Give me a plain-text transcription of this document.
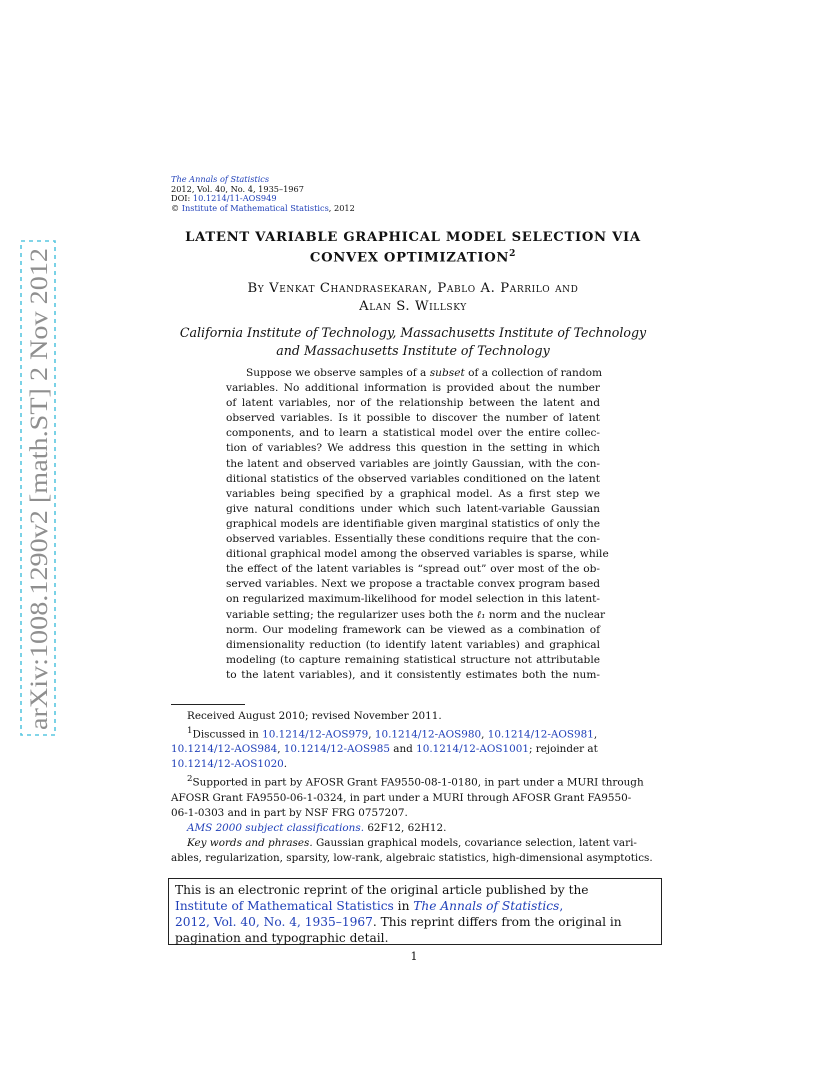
arXiv:1008.1290v2 [math.ST] 2 Nov 2012
The Annals of Statistics
2012, Vol. 40, No. 4, 1935–1967
DOI: 10.1214/11-AOS949
© Institute of Mathematical Statistics, 2012
LATENT VARIABLE GRAPHICAL MODEL SELECTION VIA
CONVEX OPTIMIZATION$^2$
By Venkat Chandrasekaran, Pablo A. Parrilo and
Alan S. Willsky
California Institute of Technology, Massachusetts Institute of Technology
and Massachusetts Institute of Technology
Suppose we observe samples of a subset of a collection of random
variables. No additional information is provided about the number
of latent variables, nor of the relationship between the latent and
observed variables. Is it possible to discover the number of latent
components, and to learn a statistical model over the entire collec-
tion of variables? We address this question in the setting in which
the latent and observed variables are jointly Gaussian, with the con-
ditional statistics of the observed variables conditioned on the latent
variables being specified by a graphical model. As a first step we
give natural conditions under which such latent-variable Gaussian
graphical models are identifiable given marginal statistics of only the
observed variables. Essentially these conditions require that the con-
ditional graphical model among the observed variables is sparse, while
the effect of the latent variables is “spread out” over most of the ob-
served variables. Next we propose a tractable convex program based
on regularized maximum-likelihood for model selection in this latent-
variable setting; the regularizer uses both the ℓ₁ norm and the nuclear
norm. Our modeling framework can be viewed as a combination of
dimensionality reduction (to identify latent variables) and graphical
modeling (to capture remaining statistical structure not attributable
to the latent variables), and it consistently estimates both the num-
Received August 2010; revised November 2011.
$^1$Discussed in 10.1214/12-AOS979, 10.1214/12-AOS980, 10.1214/12-AOS981,
10.1214/12-AOS984, 10.1214/12-AOS985 and 10.1214/12-AOS1001; rejoinder at
10.1214/12-AOS1020.
$^2$Supported in part by AFOSR Grant FA9550-08-1-0180, in part under a MURI through
AFOSR Grant FA9550-06-1-0324, in part under a MURI through AFOSR Grant FA9550-
06-1-0303 and in part by NSF FRG 0757207.
AMS 2000 subject classifications. 62F12, 62H12.
Key words and phrases. Gaussian graphical models, covariance selection, latent vari-
ables, regularization, sparsity, low-rank, algebraic statistics, high-dimensional asymptotics.
This is an electronic reprint of the original article published by the
Institute of Mathematical Statistics in The Annals of Statistics,
2012, Vol. 40, No. 4, 1935–1967. This reprint differs from the original in
pagination and typographic detail.
1
